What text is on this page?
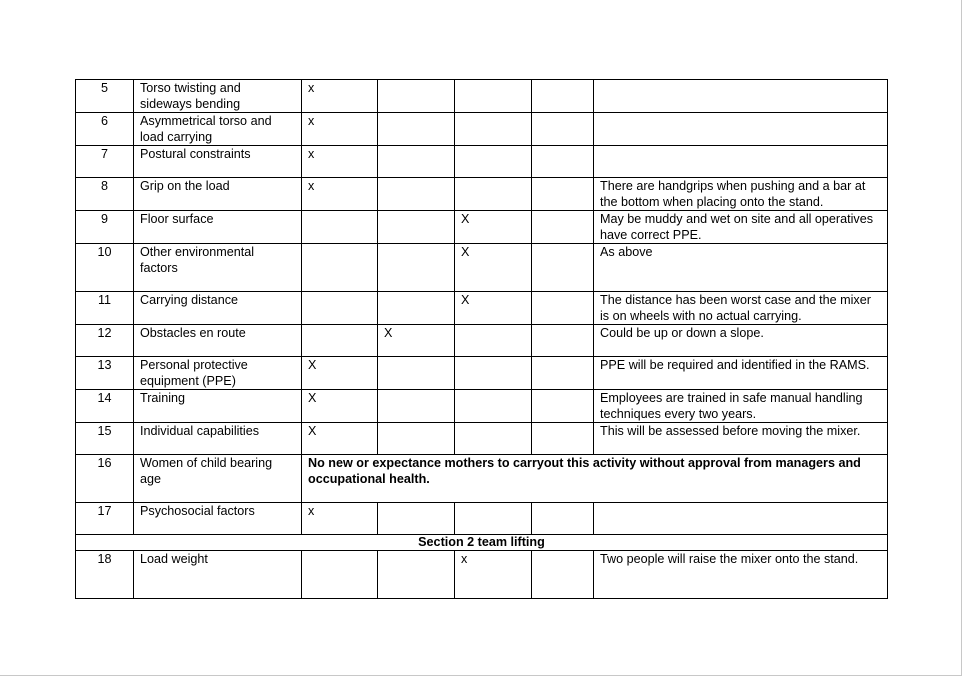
5	Torso twisting and sideways bending	x				
6	Asymmetrical torso and load carrying	x				
7	Postural constraints	x				
8	Grip on the load	x				There are handgrips when pushing and a bar at the bottom when placing onto the stand.
9	Floor surface			X		May be muddy and wet on site and all operatives have correct PPE.
10	Other environmental factors			X		As above
11	Carrying distance			X		The distance has been worst case and the mixer is on wheels with no actual carrying.
12	Obstacles en route		X			Could be up or down a slope.
13	Personal protective equipment (PPE)	X				PPE will be required and identified in the RAMS.
14	Training	X				Employees are trained in safe manual handling techniques every two years.
15	Individual capabilities	X				This will be assessed before moving the mixer.
16	Women of child bearing age	No new or expectance mothers to carryout this activity without approval from managers and occupational health.				
17	Psychosocial factors	x				
Section 2 team lifting						
18	Load weight			x		Two people will raise the mixer onto the stand.
